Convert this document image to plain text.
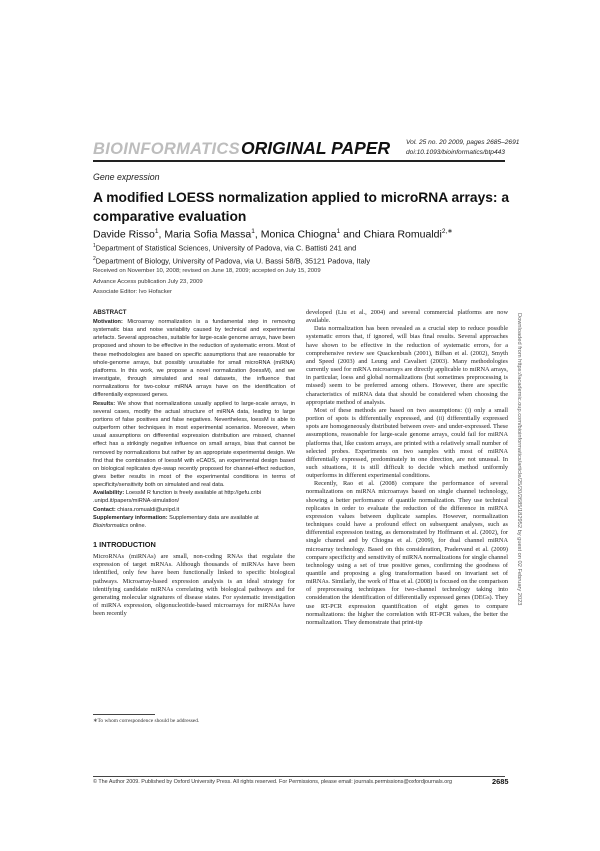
BIOINFORMATICS ORIGINAL PAPER Vol. 25 no. 20 2009, pages 2685–2691
doi:10.1093/bioinformatics/btp443
Gene expression
A modified LOESS normalization applied to microRNA arrays: a comparative evaluation
Davide Risso$^1$, Maria Sofia Massa$^1$, Monica Chiogna$^1$ and Chiara Romualdi$^{2,∗}$
$^1$Department of Statistical Sciences, University of Padova, via C. Battisti 241 and
$^2$Department of Biology, University of Padova, via U. Bassi 58/B, 35121 Padova, Italy
Received on November 10, 2008; revised on June 18, 2009; accepted on July 15, 2009
Advance Access publication July 23, 2009
Associate Editor: Ivo Hofacker
ABSTRACT
Motivation: Microarray normalization is a fundamental step in removing systematic bias and noise variability caused by technical and experimental artefacts. Several approaches, suitable for large-scale genome arrays, have been proposed and shown to be effective in the reduction of systematic errors. Most of these methodologies are based on specific assumptions that are reasonable for whole-genome arrays, but possibly unsuitable for small microRNA (miRNA) platforms. In this work, we propose a novel normalization (loessM), and we investigate, through simulated and real datasets, the influence that normalizations for two-colour miRNA arrays have on the identification of differentially expressed genes.
Results: We show that normalizations usually applied to large-scale arrays, in several cases, modify the actual structure of miRNA data, leading to large portions of false positives and false negatives. Nevertheless, loessM is able to outperform other techniques in most experimental scenarios. Moreover, when usual assumptions on differential expression distribution are missed, channel effect has a strikingly negative influence on small arrays, bias that cannot be removed by normalizations but rather by an appropriate experimental design. We find that the combination of loessM with eCADS, an experimental design based on biological replicates dye-swap recently proposed for channel-effect reduction, gives better results in most of the experimental conditions in terms of specificity/sensitivity both on simulated and real data.
Availability: LoessM R function is freely available at http://gefu.cribi
.unipd.it/papers/miRNA-simulation/
Contact: chiara.romualdi@unipd.it
Supplementary information: Supplementary data are available at
Bioinformatics online.
1 INTRODUCTION

MicroRNAs (miRNAs) are small, non-coding RNAs that regulate the expression of target mRNAs. Although thousands of miRNAs have been identified, only few have been functionally linked to specific biological pathways. Microarray-based expression analysis is an ideal strategy for identifying candidate miRNAs correlating with biological pathways and for generating molecular signatures of disease states. For systematic investigation of miRNA expression, oligonucleotide-based microarrays for miRNAs have been recently

developed (Liu et al., 2004) and several commercial platforms are now available.

Data normalization has been revealed as a crucial step to reduce possible systematic errors that, if ignored, will bias final results. Several approaches have shown to be effective in the reduction of systematic errors, for a comprehensive review see Quackenbush (2001), Bilban et al. (2002), Smyth and Speed (2003) and Leung and Cavalieri (2003). Many methodologies currently used for mRNA microarrays are directly applicable to miRNA arrays, in particular, loess and global normalizations (but sometimes preprocessing is missed) seem to be preferred among others. However, there are specific characteristics of miRNA data that should be considered when choosing the appropriate method of analysis.

Most of these methods are based on two assumptions: (i) only a small portion of spots is differentially expressed, and (ii) differentially expressed spots are homogeneously distributed between over- and under-expressed. These assumptions, reasonable for large-scale genome arrays, could fail for miRNA platforms that, like custom arrays, are printed with a relatively small number of selected probes. Experiments on two samples with most of miRNA differentially expressed, predominately in one direction, are not unusual. In such situations, it is still difficult to decide which method uniformly outperforms in different experimental conditions.

Recently, Rao et al. (2008) compare the performance of several normalizations on miRNA microarrays based on single channel technology, showing a better performance of quantile normalization. They use technical replicates in order to evaluate the reduction of the difference in miRNA expression values between duplicate samples. However, normalization techniques could have a profound effect on subsequent analyses, such as differential expression testing, as demonstrated by Hoffmann et al. (2002), for single channel and by Chiogna et al. (2009), for dual channel miRNA microarray technology. Based on this consideration, Pradervand et al. (2009) compare specificity and sensitivity of miRNA normalizations for single channel technology using a set of true positive genes, confirming the goodness of quantile and proposing a glog transformation based on invariant set of miRNAs. Similarly, the work of Hua et al. (2008) is focused on the comparison of preprocessing techniques for two-channel technology taking into consideration the identification of differentially expressed genes (DEGs). They use RT-PCR expression quantification of eight genes to compare normalizations: the higher the correlation with RT-PCR values, the better the normalization. They demonstrate that print-tip

∗To whom correspondence should be addressed.
© The Author 2009. Published by Oxford University Press. All rights reserved. For Permissions, please email: journals.permissions@oxfordjournals.org	2685
Downloaded from https://academic.oup.com/bioinformatics/article/25/20/2685/182952 by guest on 02 February 2023
